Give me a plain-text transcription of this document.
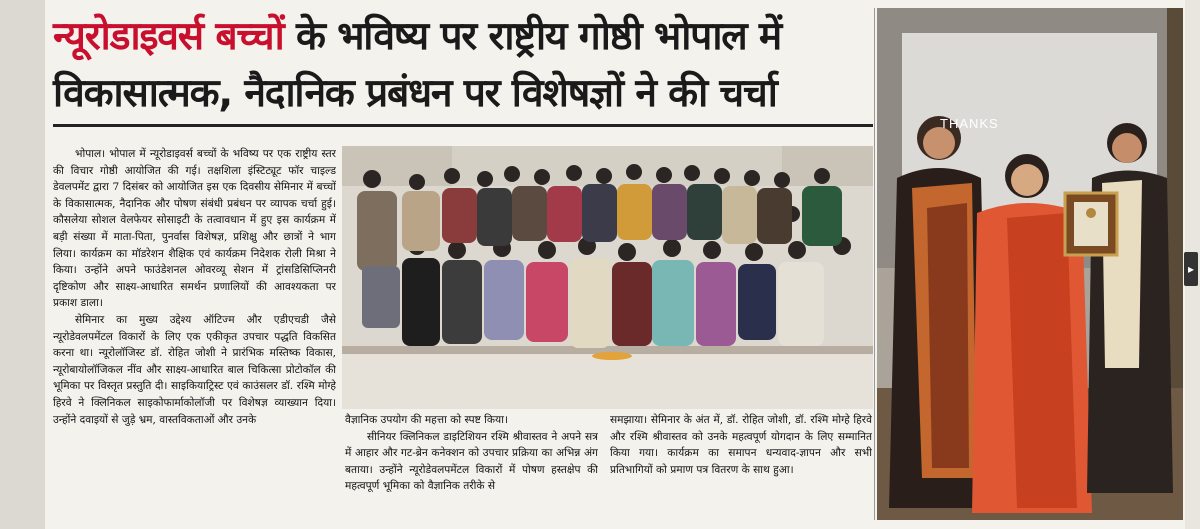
न्यूरोडाइवर्स बच्चों के भविष्य पर राष्ट्रीय गोष्ठी भोपाल में
विकासात्मक, नैदानिक प्रबंधन पर विशेषज्ञों ने की चर्चा

भोपाल। भोपाल में न्यूरोडाइवर्स बच्चों के भविष्य पर एक राष्ट्रीय स्तर की विचार गोष्ठी आयोजित की गई। तक्षशिला इंस्टिट्यूट फॉर चाइल्ड डेवलपमेंट द्वारा 7 दिसंबर को आयोजित इस एक दिवसीय सेमिनार में बच्चों के विकासात्मक, नैदानिक और पोषण संबंधी प्रबंधन पर व्यापक चर्चा हुई। कौसलेया सोशल वेलफेयर सोसाइटी के तत्वावधान में हुए इस कार्यक्रम में बड़ी संख्या में माता-पिता, पुनर्वास विशेषज्ञ, प्रशिक्षु और छात्रों ने भाग लिया। कार्यक्रम का मॉडरेशन शैक्षिक एवं कार्यक्रम निदेशक रोली मिश्रा ने किया। उन्होंने अपने फाउंडेशनल ओवरव्यू सेशन में ट्रांसडिसिप्लिनरी दृष्टिकोण और साक्ष्य-आधारित समर्थन प्रणालियों की आवश्यकता पर प्रकाश डाला।

सेमिनार का मुख्य उद्देश्य ऑटिज्म और एडीएचडी जैसे न्यूरोडेवलपमेंटल विकारों के लिए एक एकीकृत उपचार पद्धति विकसित करना था। न्यूरोलॉजिस्ट डॉ. रोहित जोशी ने प्रारंभिक मस्तिष्क विकास, न्यूरोबायोलॉजिकल नींव और साक्ष्य-आधारित बाल चिकित्सा प्रोटोकॉल की भूमिका पर विस्तृत प्रस्तुति दी। साइकियाट्रिस्ट एवं काउंसलर डॉ. रश्मि मोग्हे हिरवे ने क्लिनिकल साइकोफार्माकोलॉजी पर विशेषज्ञ व्याख्यान दिया। उन्होंने दवाइयों से जुड़े भ्रम, वास्तविकताओं और उनके	वैज्ञानिक उपयोग की महत्ता को स्पष्ट किया।

सीनियर क्लिनिकल डाइटिशियन रश्मि श्रीवास्तव ने अपने सत्र में आहार और गट-ब्रेन कनेक्शन को उपचार प्रक्रिया का अभिन्न अंग बताया। उन्होंने न्यूरोडेवलपमेंटल विकारों में पोषण हस्तक्षेप की महत्वपूर्ण भूमिका को वैज्ञानिक तरीके से

समझाया। सेमिनार के अंत में, डॉ. रोहित जोशी, डॉ. रश्मि मोग्हे हिरवे और रश्मि श्रीवास्तव को उनके महत्वपूर्ण योगदान के लिए सम्मानित किया गया। कार्यक्रम का समापन धन्यवाद-ज्ञापन और सभी प्रतिभागियों को प्रमाण पत्र वितरण के साथ हुआ।

THANKS
▸
